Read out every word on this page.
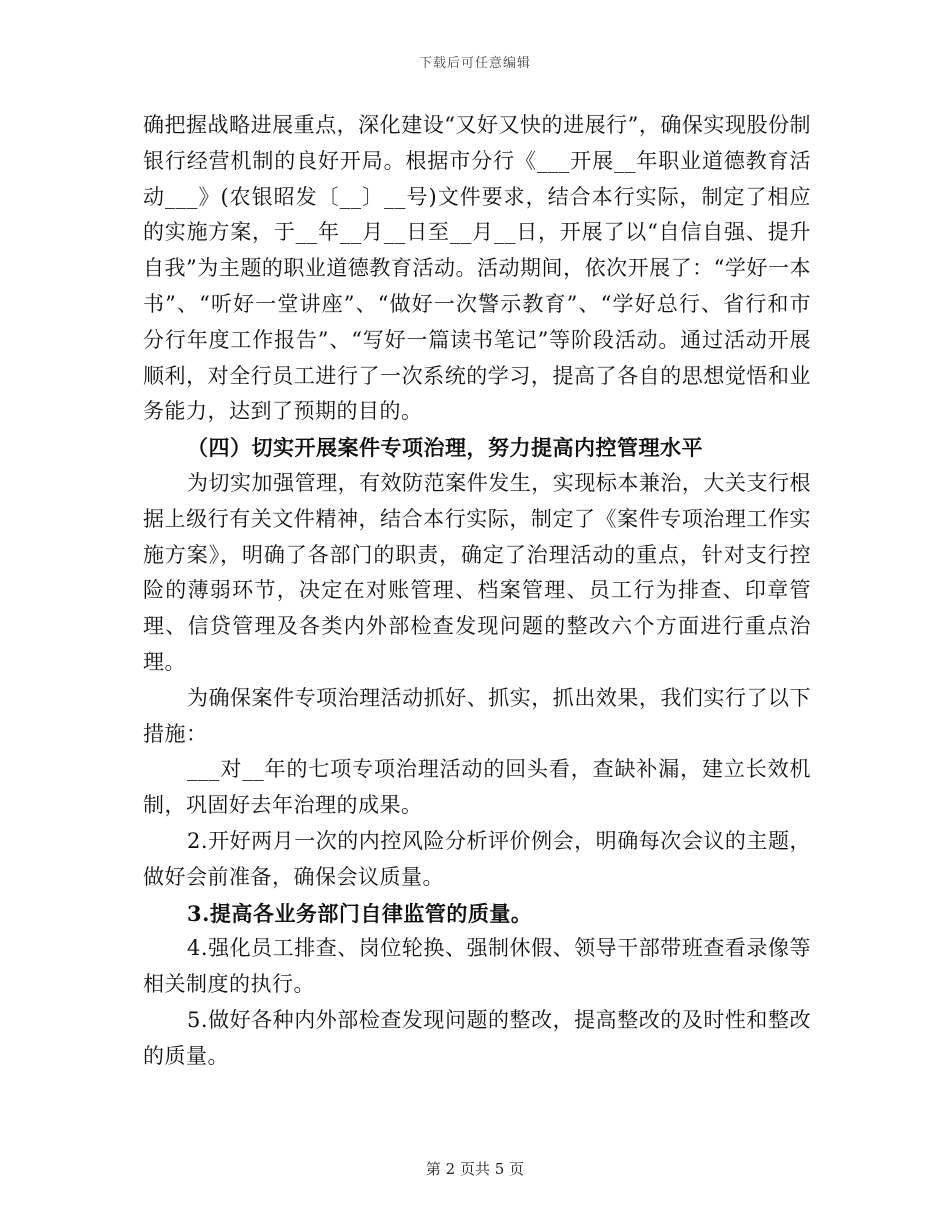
下载后可任意编辑

确把握战略进展重点，深化建设“又好又快的进展行”，确保实现股份制银行经营机制的良好开局。根据市分行《___开展__年职业道德教育活动___》(农银昭发〔__〕__号)文件要求，结合本行实际，制定了相应的实施方案，于__年__月__日至__月__日，开展了以“自信自强、提升自我”为主题的职业道德教育活动。活动期间，依次开展了：“学好一本书”、“听好一堂讲座”、“做好一次警示教育”、“学好总行、省行和市分行年度工作报告”、“写好一篇读书笔记”等阶段活动。通过活动开展顺利，对全行员工进行了一次系统的学习，提高了各自的思想觉悟和业务能力，达到了预期的目的。

（四）切实开展案件专项治理，努力提高内控管理水平

为切实加强管理，有效防范案件发生，实现标本兼治，大关支行根据上级行有关文件精神，结合本行实际，制定了《案件专项治理工作实施方案》，明确了各部门的职责，确定了治理活动的重点，针对支行控险的薄弱环节，决定在对账管理、档案管理、员工行为排查、印章管理、信贷管理及各类内外部检查发现问题的整改六个方面进行重点治理。

为确保案件专项治理活动抓好、抓实，抓出效果，我们实行了以下措施：

___对__年的七项专项治理活动的回头看，查缺补漏，建立长效机制，巩固好去年治理的成果。

2.开好两月一次的内控风险分析评价例会，明确每次会议的主题，做好会前准备，确保会议质量。

3.提高各业务部门自律监管的质量。

4.强化员工排查、岗位轮换、强制休假、领导干部带班查看录像等相关制度的执行。

5.做好各种内外部检查发现问题的整改，提高整改的及时性和整改的质量。

第 2 页共 5 页
